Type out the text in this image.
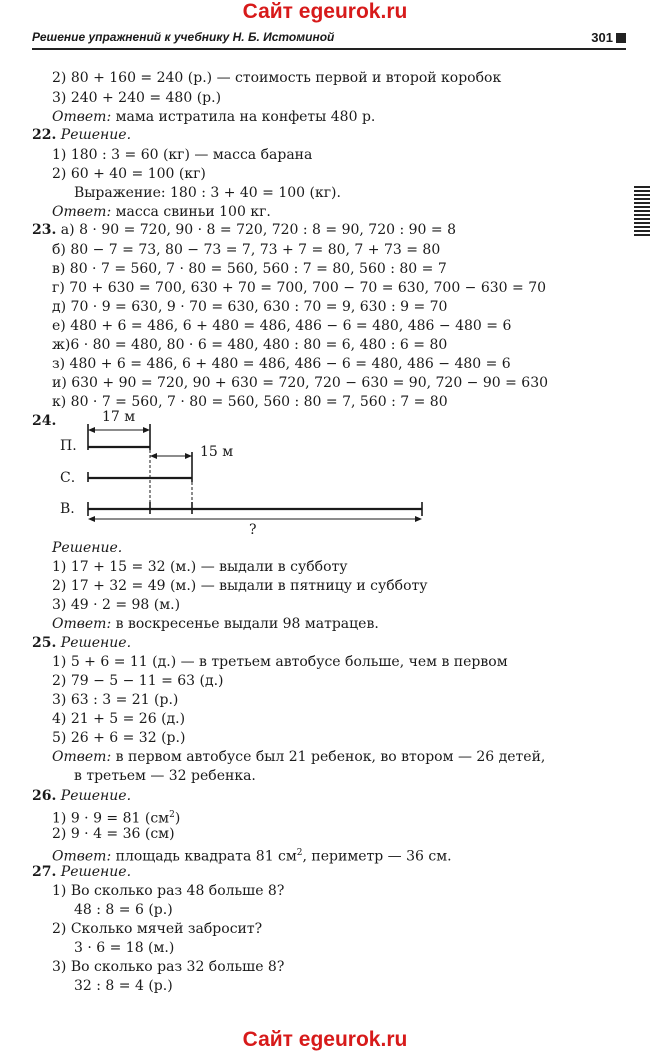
Сайт egeurok.ru
Решение упражнений к учебнику Н. Б. Истоминой	301
2) 80 + 160 = 240 (р.) — стоимость первой и второй коробок
3) 240 + 240 = 480 (р.)
Ответ: мама истратила на конфеты 480 р.
22. Решение.
1) 180 : 3 = 60 (кг) — масса барана
2) 60 + 40 = 100 (кг)
Выражение: 180 : 3 + 40 = 100 (кг).
Ответ: масса свиньи 100 кг.
23. а) 8 · 90 = 720, 90 · 8 = 720, 720 : 8 = 90, 720 : 90 = 8
б) 80 − 7 = 73, 80 − 73 = 7, 73 + 7 = 80, 7 + 73 = 80
в) 80 · 7 = 560, 7 · 80 = 560, 560 : 7 = 80, 560 : 80 = 7
г) 70 + 630 = 700, 630 + 70 = 700, 700 − 70 = 630, 700 − 630 = 70
д) 70 · 9 = 630, 9 · 70 = 630, 630 : 70 = 9, 630 : 9 = 70
е) 480 + 6 = 486, 6 + 480 = 486, 486 − 6 = 480, 486 − 480 = 6
ж)6 · 80 = 480, 80 · 6 = 480, 480 : 80 = 6, 480 : 6 = 80
з) 480 + 6 = 486, 6 + 480 = 486, 486 − 6 = 480, 486 − 480 = 6
и) 630 + 90 = 720, 90 + 630 = 720, 720 − 630 = 90, 720 − 90 = 630
к) 80 · 7 = 560, 7 · 80 = 560, 560 : 80 = 7, 560 : 7 = 80
24.
П.
С.
В.
17 м
15 м
?
Решение.
1) 17 + 15 = 32 (м.) — выдали в субботу
2) 17 + 32 = 49 (м.) — выдали в пятницу и субботу
3) 49 · 2 = 98 (м.)
Ответ: в воскресенье выдали 98 матрацев.
25. Решение.
1) 5 + 6 = 11 (д.) — в третьем автобусе больше, чем в первом
2) 79 − 5 − 11 = 63 (д.)
3) 63 : 3 = 21 (р.)
4) 21 + 5 = 26 (д.)
5) 26 + 6 = 32 (р.)
Ответ: в первом автобусе был 21 ребенок, во втором — 26 детей,
в третьем — 32 ребенка.
26. Решение.
1) 9 · 9 = 81 $(см^2)$
2) 9 · 4 = 36 (см)
Ответ: площадь квадрата 81 $см^2$, периметр — 36 см.
27. Решение.
1) Во сколько раз 48 больше 8?
48 : 8 = 6 (р.)
2) Сколько мячей забросит?
3 · 6 = 18 (м.)
3) Во сколько раз 32 больше 8?
32 : 8 = 4 (р.)
Сайт egeurok.ru
